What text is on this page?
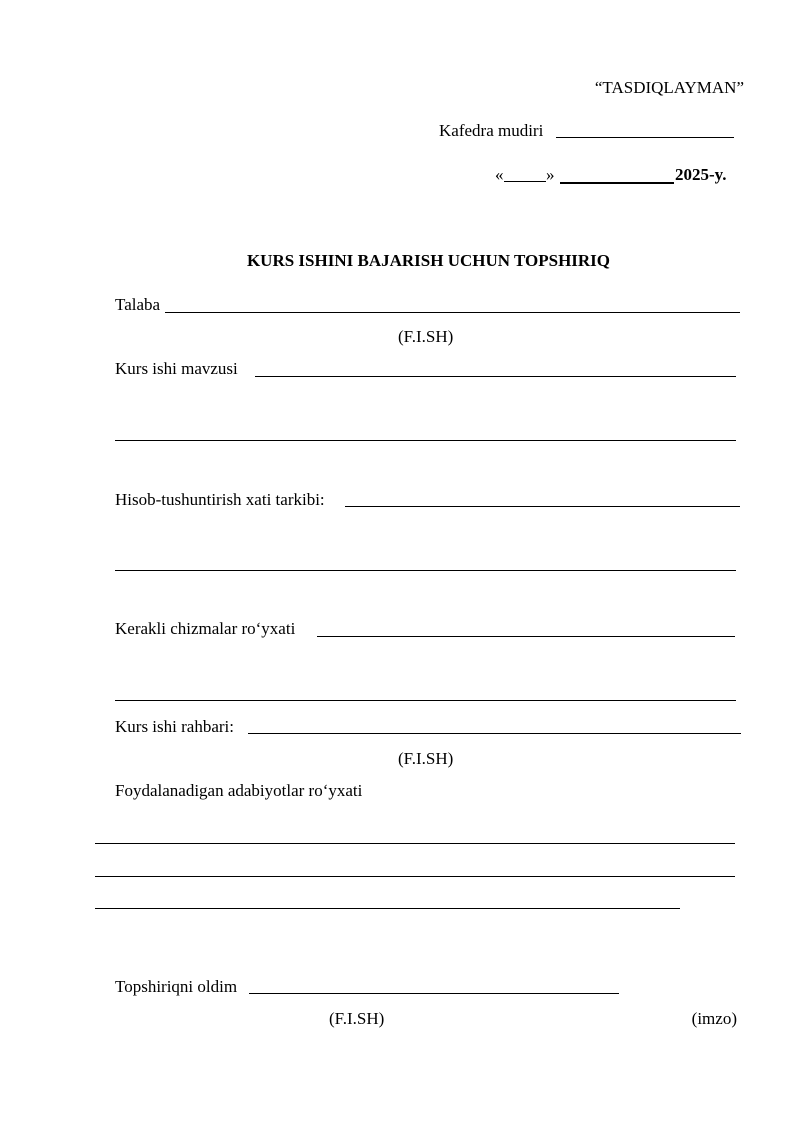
“TASDIQLAYMAN”
Kafedra mudiri
«	»	2025-y.
KURS ISHINI BAJARISH UCHUN TOPSHIRIQ
Talaba
(F.I.SH)
Kurs ishi mavzusi
Hisob-tushuntirish xati tarkibi:
Kerakli chizmalar ro‘yxati
Kurs ishi rahbari:
(F.I.SH)
Foydalanadigan adabiyotlar ro‘yxati
Topshiriqni oldim
(F.I.SH)	(imzo)
